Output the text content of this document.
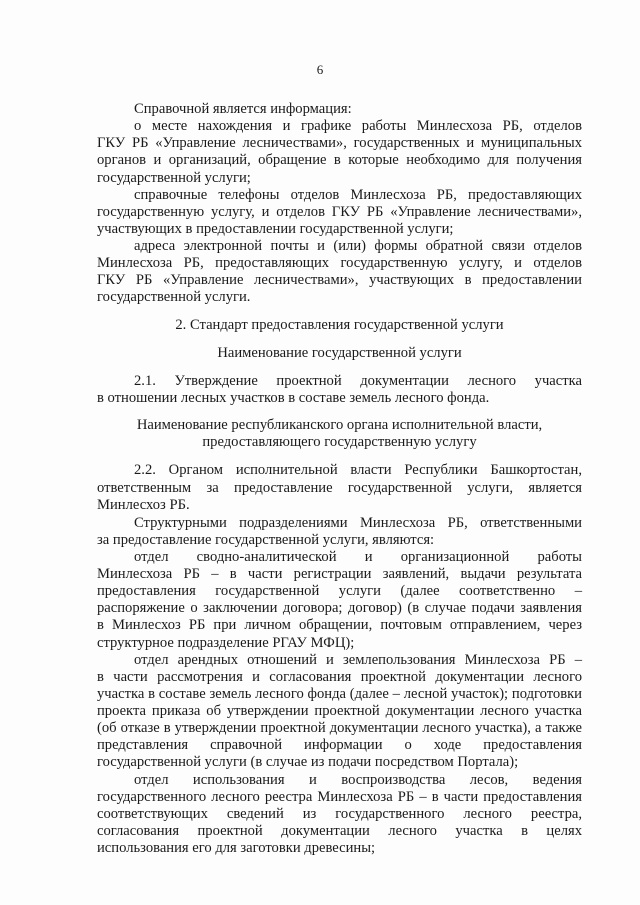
6
Справочной является информация:
о месте нахождения и графике работы Минлесхоза РБ, отделов
ГКУ РБ «Управление лесничествами», государственных и муниципальных
органов и организаций, обращение в которые необходимо для получения
государственной услуги;
справочные телефоны отделов Минлесхоза РБ, предоставляющих
государственную услугу, и отделов ГКУ РБ «Управление лесничествами»,
участвующих в предоставлении государственной услуги;
адреса электронной почты и (или) формы обратной связи отделов
Минлесхоза РБ, предоставляющих государственную услугу, и отделов
ГКУ РБ «Управление лесничествами», участвующих в предоставлении
государственной услуги.
2. Стандарт предоставления государственной услуги
Наименование государственной услуги
2.1. Утверждение проектной документации лесного участка
в отношении лесных участков в составе земель лесного фонда.
Наименование республиканского органа исполнительной власти,
предоставляющего государственную услугу
2.2. Органом исполнительной власти Республики Башкортостан,
ответственным за предоставление государственной услуги, является
Минлесхоз РБ.
Структурными подразделениями Минлесхоза РБ, ответственными
за предоставление государственной услуги, являются:
отдел сводно-аналитической и организационной работы
Минлесхоза РБ – в части регистрации заявлений, выдачи результата
предоставления государственной услуги (далее соответственно –
распоряжение о заключении договора; договор) (в случае подачи заявления
в Минлесхоз РБ при личном обращении, почтовым отправлением, через
структурное подразделение РГАУ МФЦ);
отдел арендных отношений и землепользования Минлесхоза РБ –
в части рассмотрения и согласования проектной документации лесного
участка в составе земель лесного фонда (далее – лесной участок); подготовки
проекта приказа об утверждении проектной документации лесного участка
(об отказе в утверждении проектной документации лесного участка), а также
представления справочной информации о ходе предоставления
государственной услуги (в случае из подачи посредством Портала);
отдел использования и воспроизводства лесов, ведения
государственного лесного реестра Минлесхоза РБ – в части предоставления
соответствующих сведений из государственного лесного реестра,
согласования проектной документации лесного участка в целях
использования его для заготовки древесины;
